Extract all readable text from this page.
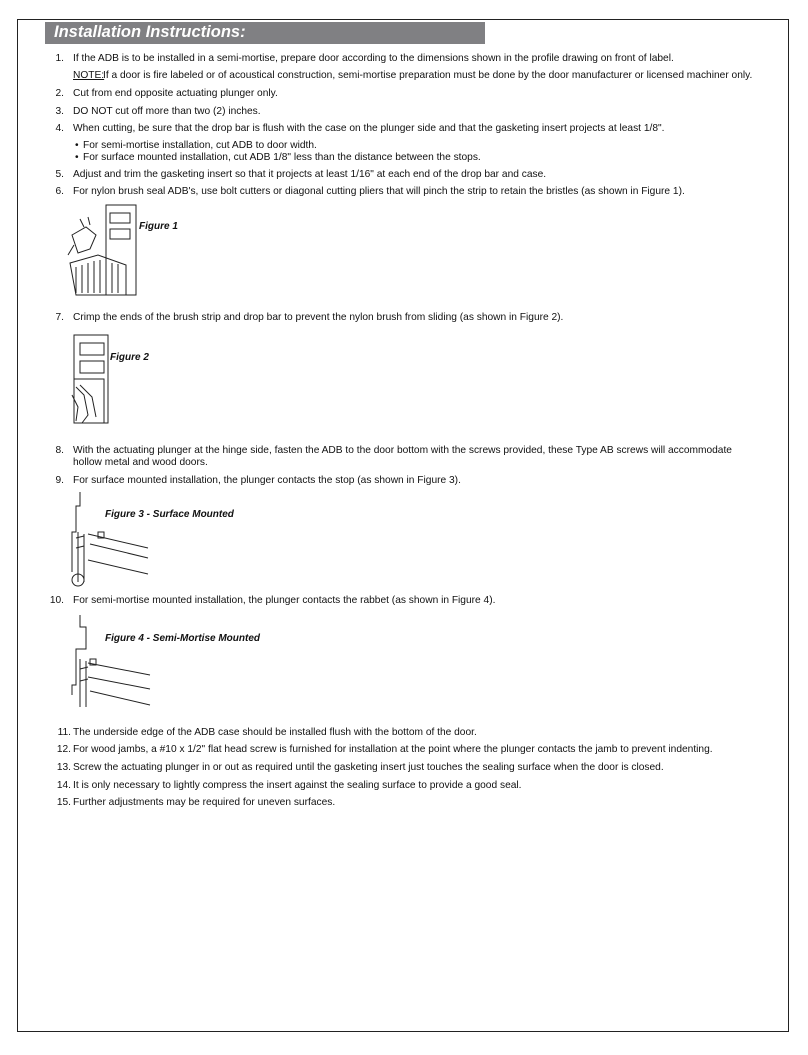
Installation Instructions:
1. If the ADB is to be installed in a semi-mortise, prepare door according to the dimensions shown in the profile drawing on front of label.
NOTE:
If a door is fire labeled or of acoustical construction, semi-mortise preparation must be done by the door manufacturer or licensed machiner only.
2. Cut from end opposite actuating plunger only.
3. DO NOT cut off more than two (2) inches.
4. When cutting, be sure that the drop bar is flush with the case on the plunger side and that the gasketing insert projects at least 1/8".
• For semi-mortise installation, cut ADB to door width.
• For surface mounted installation, cut ADB 1/8" less than the distance between the stops.
5. Adjust and trim the gasketing insert so that it projects at least 1/16" at each end of the drop bar and case.
6. For nylon brush seal ADB's, use bolt cutters or diagonal cutting pliers that will pinch the strip to retain the bristles (as shown in Figure 1).
Figure 1
7. Crimp the ends of the brush strip and drop bar to prevent the nylon brush from sliding (as shown in Figure 2).
Figure 2
8. With the actuating plunger at the hinge side, fasten the ADB to the door bottom with the screws provided, these Type AB screws will accommodate
hollow metal and wood doors.
9. For surface mounted installation, the plunger contacts the stop (as shown in Figure 3).
Figure 3 - Surface Mounted
10. For semi-mortise mounted installation, the plunger contacts the rabbet (as shown in Figure 4).
Figure 4 - Semi-Mortise Mounted
11. The underside edge of the ADB case should be installed flush with the bottom of the door.
12. For wood jambs, a #10 x 1/2" flat head screw is furnished for installation at the point where the plunger contacts the jamb to prevent indenting.
13. Screw the actuating plunger in or out as required until the gasketing insert just touches the sealing surface when the door is closed.
14. It is only necessary to lightly compress the insert against the sealing surface to provide a good seal.
15. Further adjustments may be required for uneven surfaces.
